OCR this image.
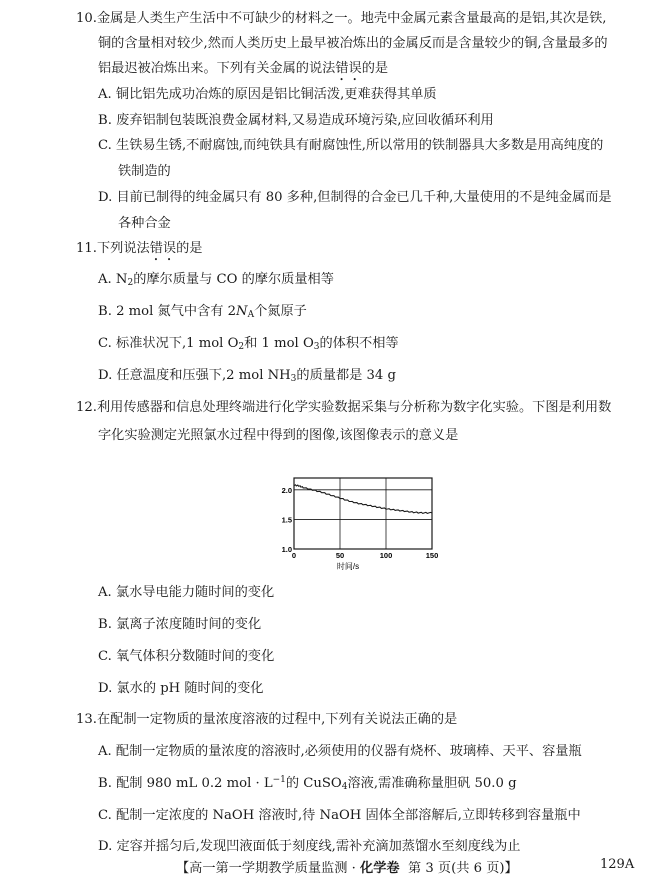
10.金属是人类生产生活中不可缺少的材料之一。地壳中金属元素含量最高的是铝,其次是铁,
铜的含量相对较少,然而人类历史上最早被冶炼出的金属反而是含量较少的铜,含量最多的
铝最迟被冶炼出来。下列有关金属的说法错误的是
A. 铜比铝先成功冶炼的原因是铝比铜活泼,更难获得其单质
B. 废弃铝制包装既浪费金属材料,又易造成环境污染,应回收循环利用
C. 生铁易生锈,不耐腐蚀,而纯铁具有耐腐蚀性,所以常用的铁制器具大多数是用高纯度的
铁制造的
D. 目前已制得的纯金属只有 80 多种,但制得的合金已几千种,大量使用的不是纯金属而是
各种合金
11.下列说法错误的是
A. $N_2$的摩尔质量与 CO 的摩尔质量相等
B. 2 mol 氮气中含有 $2N_A$个氮原子
C. 标准状况下,1 mol $O_2$和 1 mol $O_3$的体积不相等
D. 任意温度和压强下,2 mol $NH_3$的质量都是 34 g
12.利用传感器和信息处理终端进行化学实验数据采集与分析称为数字化实验。下图是利用数
字化实验测定光照氯水过程中得到的图像,该图像表示的意义是
0	50	100	150
1.0
1.5
2.0
时间/s
A. 氯水导电能力随时间的变化
B. 氯离子浓度随时间的变化
C. 氧气体积分数随时间的变化
D. 氯水的 pH 随时间的变化
13.在配制一定物质的量浓度溶液的过程中,下列有关说法正确的是
A. 配制一定物质的量浓度的溶液时,必须使用的仪器有烧杯、玻璃棒、天平、容量瓶
B. 配制 980 mL 0.2 mol · $L^{-1}$的 CuSO$_4$溶液,需准确称量胆矾 50.0 g
C. 配制一定浓度的 NaOH 溶液时,待 NaOH 固体全部溶解后,立即转移到容量瓶中
D. 定容并摇匀后,发现凹液面低于刻度线,需补充滴加蒸馏水至刻度线为止
【高一第一学期教学质量监测 · 化学卷 第 3 页(共 6 页)】	129A
